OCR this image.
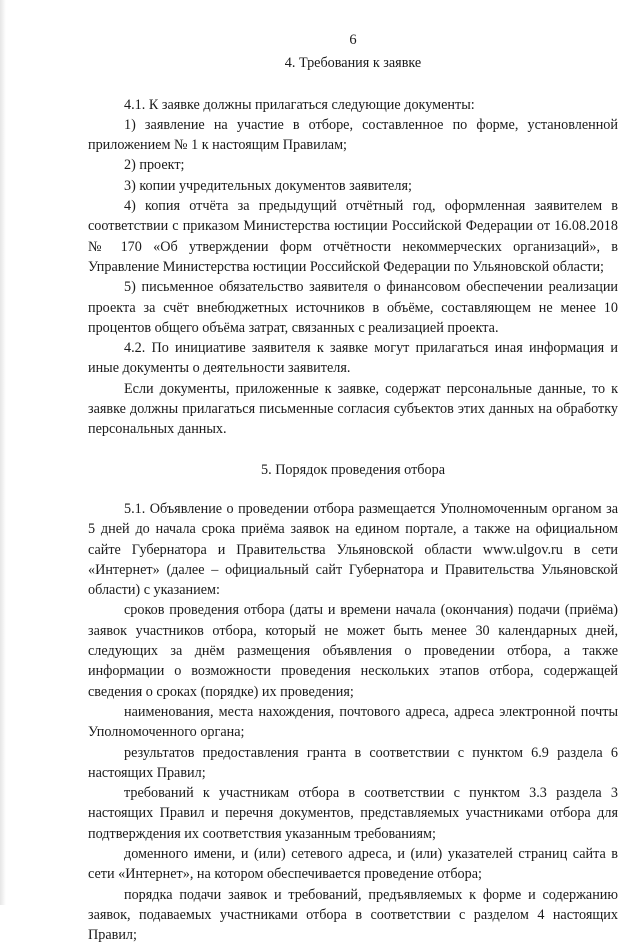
6
4. Требования к заявке

4.1. К заявке должны прилагаться следующие документы:

1) заявление на участие в отборе, составленное по форме, установленной приложением № 1 к настоящим Правилам;

2) проект;

3) копии учредительных документов заявителя;

4) копия отчёта за предыдущий отчётный год, оформленная заявителем в соответствии с приказом Министерства юстиции Российской Федерации от 16.08.2018 № 170 «Об утверждении форм отчётности некоммерческих организаций», в Управление Министерства юстиции Российской Федерации по Ульяновской области;

5) письменное обязательство заявителя о финансовом обеспечении реализации проекта за счёт внебюджетных источников в объёме, составляющем не менее 10 процентов общего объёма затрат, связанных с реализацией проекта.

4.2. По инициативе заявителя к заявке могут прилагаться иная информация и иные документы о деятельности заявителя.

Если документы, приложенные к заявке, содержат персональные данные, то к заявке должны прилагаться письменные согласия субъектов этих данных на обработку персональных данных.

5. Порядок проведения отбора

5.1. Объявление о проведении отбора размещается Уполномоченным органом за 5 дней до начала срока приёма заявок на едином портале, а также на официальном сайте Губернатора и Правительства Ульяновской области www.ulgov.ru в сети «Интернет» (далее – официальный сайт Губернатора и Правительства Ульяновской области) с указанием:

сроков проведения отбора (даты и времени начала (окончания) подачи (приёма) заявок участников отбора, который не может быть менее 30 календарных дней, следующих за днём размещения объявления о проведении отбора, а также информации о возможности проведения нескольких этапов отбора, содержащей сведения о сроках (порядке) их проведения;

наименования, места нахождения, почтового адреса, адреса электронной почты Уполномоченного органа;

результатов предоставления гранта в соответствии с пунктом 6.9 раздела 6 настоящих Правил;

требований к участникам отбора в соответствии с пунктом 3.3 раздела 3 настоящих Правил и перечня документов, представляемых участниками отбора для подтверждения их соответствия указанным требованиям;

доменного имени, и (или) сетевого адреса, и (или) указателей страниц сайта в сети «Интернет», на котором обеспечивается проведение отбора;

порядка подачи заявок и требований, предъявляемых к форме и содержанию заявок, подаваемых участниками отбора в соответствии с разделом 4 настоящих Правил;
